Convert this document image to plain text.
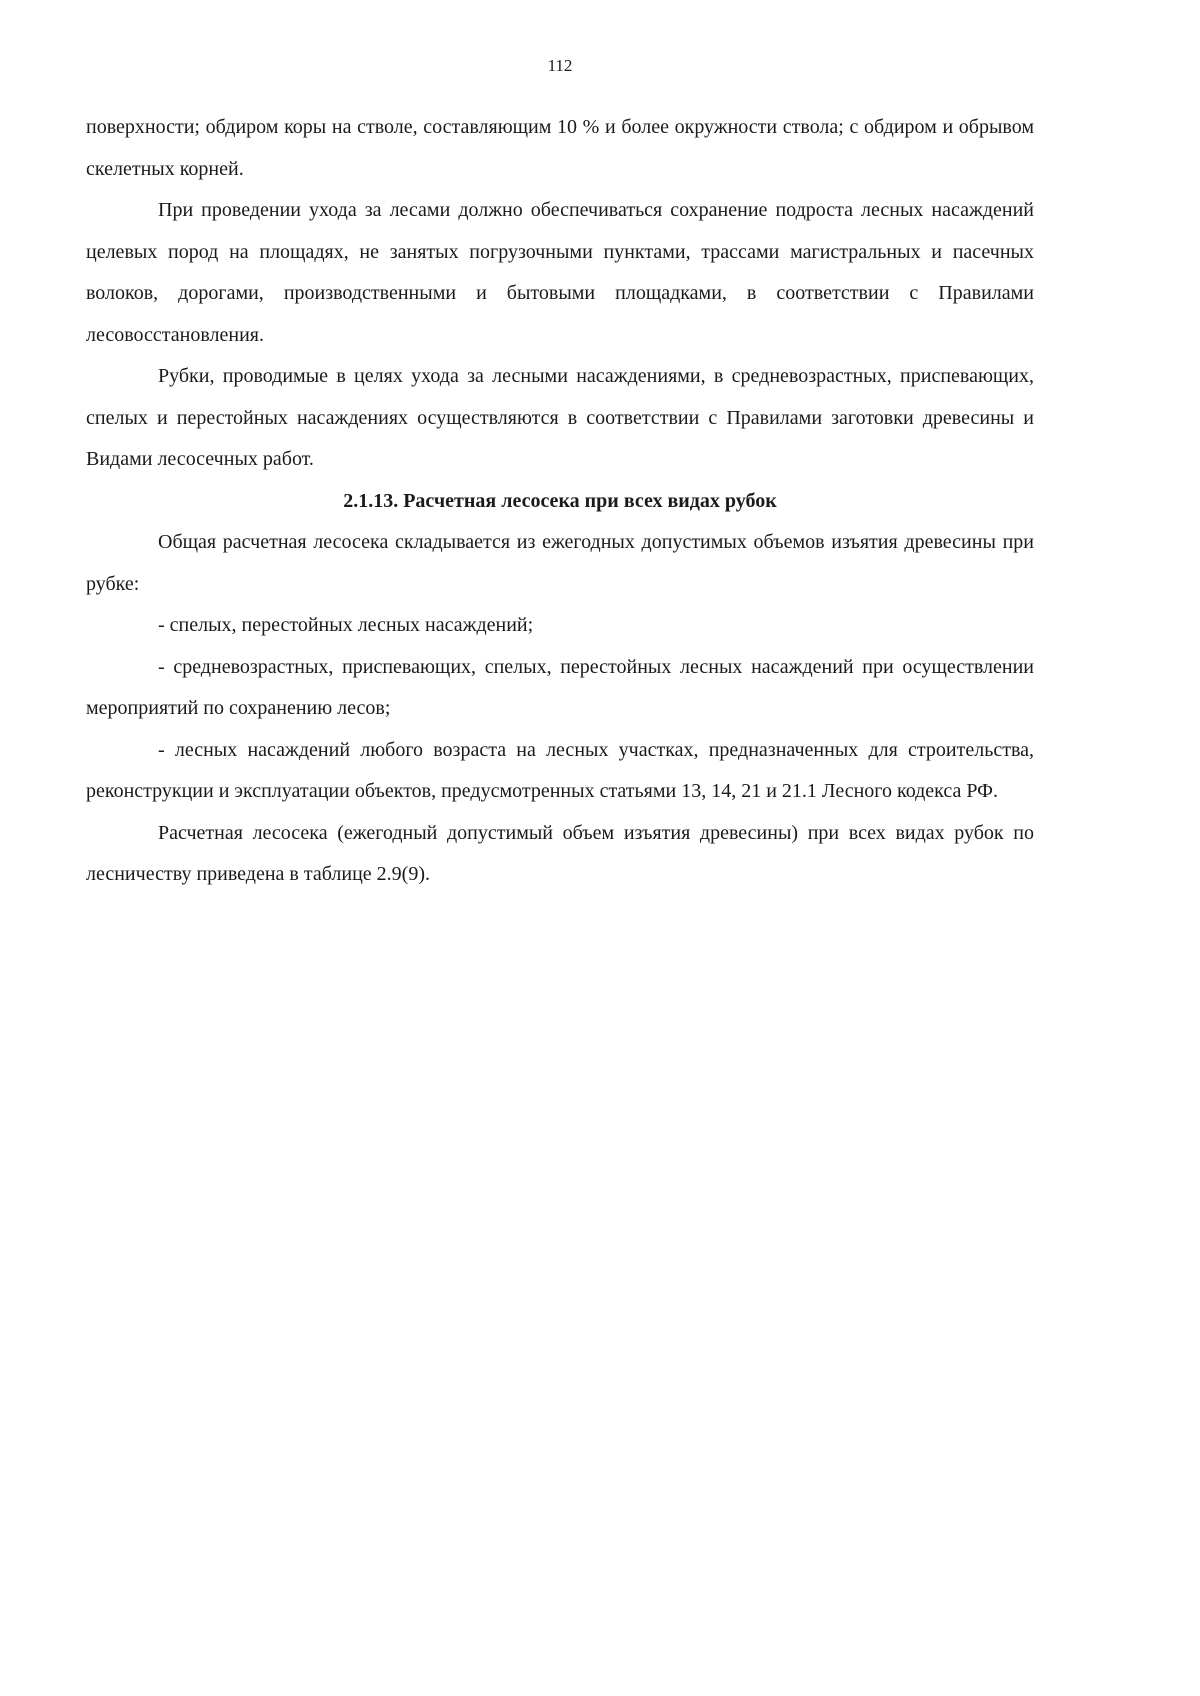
112

поверхности; обдиром коры на стволе, составляющим 10 % и более окружности ствола; с обдиром и обрывом скелетных корней.

При проведении ухода за лесами должно обеспечиваться сохранение подроста лесных насаждений целевых пород на площадях, не занятых погрузочными пунктами, трассами магистральных и пасечных волоков, дорогами, производственными и бытовыми площадками, в соответствии с Правилами лесовосстановления.

Рубки, проводимые в целях ухода за лесными насаждениями, в средневозрастных, приспевающих, спелых и перестойных насаждениях осуществляются в соответствии с Правилами заготовки древесины и Видами лесосечных работ.

2.1.13. Расчетная лесосека при всех видах рубок

Общая расчетная лесосека складывается из ежегодных допустимых объемов изъятия древесины при рубке:

- спелых, перестойных лесных насаждений;

- средневозрастных, приспевающих, спелых, перестойных лесных насаждений при осуществлении мероприятий по сохранению лесов;

- лесных насаждений любого возраста на лесных участках, предназначенных для строительства, реконструкции и эксплуатации объектов, предусмотренных статьями 13, 14, 21 и 21.1 Лесного кодекса РФ.

Расчетная лесосека (ежегодный допустимый объем изъятия древесины) при всех видах рубок по лесничеству приведена в таблице 2.9(9).
